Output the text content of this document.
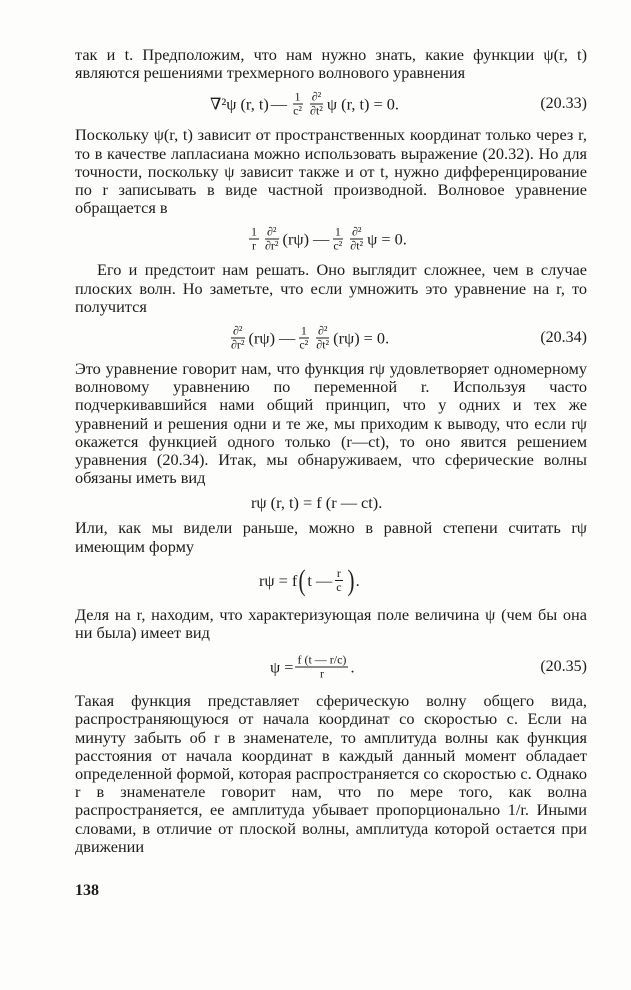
так и t. Предположим, что нам нужно знать, какие функции ψ(r, t) являются решениями трехмерного волнового уравнения

∇²ψ (r, t) — $\frac{1}{\text{c²}} \frac{\text{∂²}}{\text{∂t²}}$ ψ (r, t) = 0.	(20.33)

Поскольку ψ(r, t) зависит от пространственных координат только через r, то в качестве лапласиана можно использовать выражение (20.32). Но для точности, поскольку ψ зависит также и от t, нужно дифференцирование по r записывать в виде частной производной. Волновое уравнение обращается в

$\frac{1}{r} \frac{\text{∂²}}{\text{∂r²}} (r\psi)$ — $\frac{1}{\text{c²}} \frac{\text{∂²}}{\text{∂t²}}$ ψ = 0.

Его и предстоит нам решать. Оно выглядит сложнее, чем в случае плоских волн. Но заметьте, что если умножить это уравнение на r, то получится

$\frac{\text{∂²}}{\text{∂r²}} (r\psi)$ — $\frac{1}{\text{c²}} \frac{\text{∂²}}{\text{∂t²}} (r\psi) = 0$.	(20.34)

Это уравнение говорит нам, что функция rψ удовлетворяет одномерному волновому уравнению по переменной r. Используя часто подчеркивавшийся нами общий принцип, что у одних и тех же уравнений и решения одни и те же, мы приходим к выводу, что если rψ окажется функцией одного только (r—ct), то оно явится решением уравнения (20.34). Итак, мы обнаруживаем, что сферические волны обязаны иметь вид

rψ (r, t) = f (r — ct).

Или, как мы видели раньше, можно в равной степени считать rψ имеющим форму

rψ = f ( t — $\frac{r}{c}$ ) .

Деля на r, находим, что характеризующая поле величина ψ (чем бы она ни была) имеет вид

$\psi = \frac{f (t — r/c)}{r}$ .	(20.35)

Такая функция представляет сферическую волну общего вида, распространяющуюся от начала координат со скоростью c. Если на минуту забыть об r в знаменателе, то амплитуда волны как функция расстояния от начала координат в каждый данный момент обладает определенной формой, которая распространяется со скоростью c. Однако r в знаменателе говорит нам, что по мере того, как волна распространяется, ее амплитуда убывает пропорционально 1/r. Иными словами, в отличие от плоской волны, амплитуда которой остается при движении

138
